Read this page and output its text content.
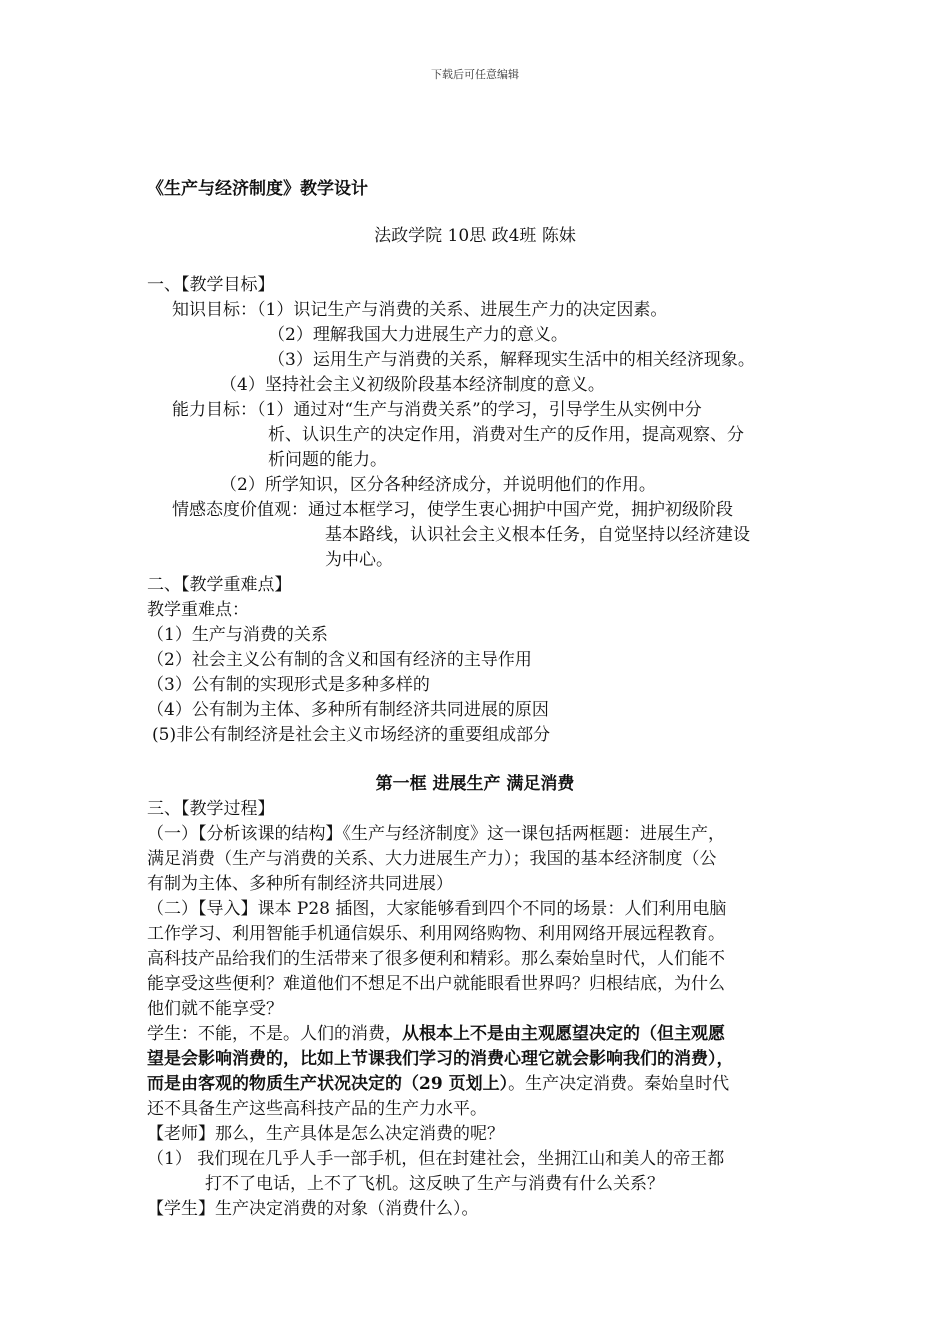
下载后可任意编辑
《生产与经济制度》教学设计
法政学院 10思 政4班 陈妹
一、【教学目标】
知识目标：（1）识记生产与消费的关系、进展生产力的决定因素。
（2）理解我国大力进展生产力的意义。
（3）运用生产与消费的关系，解释现实生活中的相关经济现象。
（4）坚持社会主义初级阶段基本经济制度的意义。
能力目标：（1）通过对“生产与消费关系”的学习，引导学生从实例中分
析、认识生产的决定作用，消费对生产的反作用，提高观察、分
析问题的能力。
（2）所学知识，区分各种经济成分，并说明他们的作用。
情感态度价值观：通过本框学习，使学生衷心拥护中国产党，拥护初级阶段
基本路线，认识社会主义根本任务，自觉坚持以经济建设
为中心。
二、【教学重难点】
教学重难点：
（1）生产与消费的关系
（2）社会主义公有制的含义和国有经济的主导作用
（3）公有制的实现形式是多种多样的
（4）公有制为主体、多种所有制经济共同进展的原因
(5)非公有制经济是社会主义市场经济的重要组成部分
第一框 进展生产 满足消费
三、【教学过程】
（一）【分析该课的结构】《生产与经济制度》这一课包括两框题：进展生产，
满足消费（生产与消费的关系、大力进展生产力）；我国的基本经济制度（公
有制为主体、多种所有制经济共同进展）
（二）【导入】课本 P28 插图，大家能够看到四个不同的场景：人们利用电脑
工作学习、利用智能手机通信娱乐、利用网络购物、利用网络开展远程教育。
高科技产品给我们的生活带来了很多便利和精彩。那么秦始皇时代，人们能不
能享受这些便利？难道他们不想足不出户就能眼看世界吗？归根结底，为什么
他们就不能享受？
学生：不能，不是。人们的消费，从根本上不是由主观愿望决定的（但主观愿
望是会影响消费的，比如上节课我们学习的消费心理它就会影响我们的消费），
而是由客观的物质生产状况决定的（29 页划上）。生产决定消费。秦始皇时代
还不具备生产这些高科技产品的生产力水平。
【老师】那么，生产具体是怎么决定消费的呢？
（1） 我们现在几乎人手一部手机，但在封建社会，坐拥江山和美人的帝王都
打不了电话，上不了飞机。这反映了生产与消费有什么关系？
【学生】生产决定消费的对象（消费什么）。
